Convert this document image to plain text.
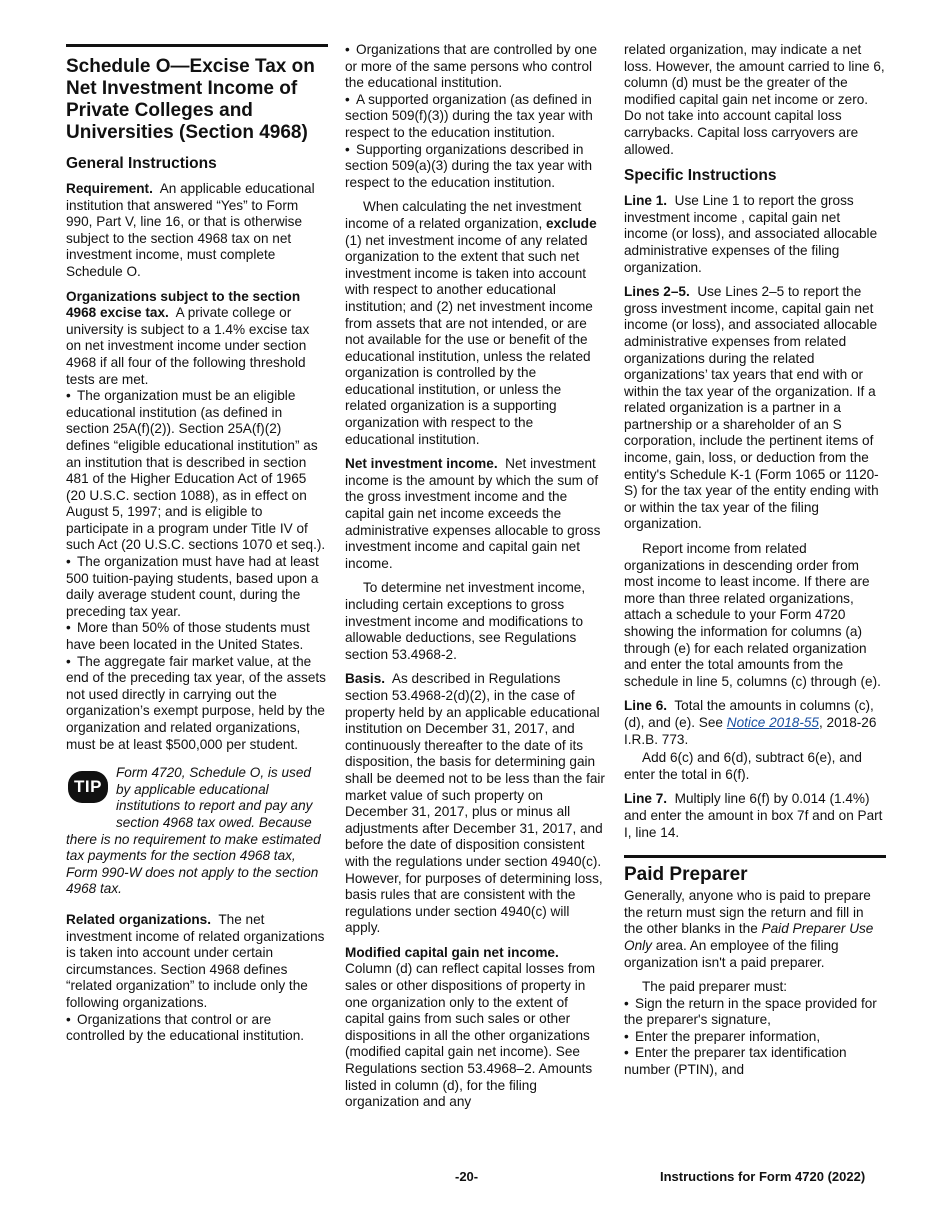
Schedule O—Excise Tax on Net Investment Income of Private Colleges and Universities (Section 4968)
General Instructions

Requirement. An applicable educational institution that answered “Yes” to Form 990, Part V, line 16, or that is otherwise subject to the section 4968 tax on net investment income, must complete Schedule O.

Organizations subject to the section 4968 excise tax. A private college or university is subject to a 1.4% excise tax on net investment income under section 4968 if all four of the following threshold tests are met.

• The organization must be an eligible educational institution (as defined in section 25A(f)(2)). Section 25A(f)(2) defines “eligible educational institution” as an institution that is described in section 481 of the Higher Education Act of 1965 (20 U.S.C. section 1088), as in effect on August 5, 1997; and is eligible to participate in a program under Title IV of such Act (20 U.S.C. sections 1070 et seq.).

• The organization must have had at least 500 tuition-paying students, based upon a daily average student count, during the preceding tax year.

• More than 50% of those students must have been located in the United States.

• The aggregate fair market value, at the end of the preceding tax year, of the assets not used directly in carrying out the organization’s exempt purpose, held by the organization and related organizations, must be at least $500,000 per student.

TIP
Form 4720, Schedule O, is used by applicable educational institutions to report and pay any section 4968 tax owed. Because there is no requirement to make estimated tax payments for the section 4968 tax, Form 990-W does not apply to the section 4968 tax.

Related organizations. The net investment income of related organizations is taken into account under certain circumstances. Section 4968 defines “related organization” to include only the following organizations.

• Organizations that control or are controlled by the educational institution.

• Organizations that are controlled by one or more of the same persons who control the educational institution.

• A supported organization (as defined in section 509(f)(3)) during the tax year with respect to the education institution.

• Supporting organizations described in section 509(a)(3) during the tax year with respect to the education institution.

When calculating the net investment income of a related organization, exclude (1) net investment income of any related organization to the extent that such net investment income is taken into account with respect to another educational institution; and (2) net investment income from assets that are not intended, or are not available for the use or benefit of the educational institution, unless the related organization is controlled by the educational institution, or unless the related organization is a supporting organization with respect to the educational institution.

Net investment income. Net investment income is the amount by which the sum of the gross investment income and the capital gain net income exceeds the administrative expenses allocable to gross investment income and capital gain net income.

To determine net investment income, including certain exceptions to gross investment income and modifications to allowable deductions, see Regulations section 53.4968-2.

Basis. As described in Regulations section 53.4968-2(d)(2), in the case of property held by an applicable educational institution on December 31, 2017, and continuously thereafter to the date of its disposition, the basis for determining gain shall be deemed not to be less than the fair market value of such property on December 31, 2017, plus or minus all adjustments after December 31, 2017, and before the date of disposition consistent with the regulations under section 4940(c). However, for purposes of determining loss, basis rules that are consistent with the regulations under section 4940(c) will apply.

Modified capital gain net income. Column (d) can reflect capital losses from sales or other dispositions of property in one organization only to the extent of capital gains from such sales or other dispositions in all the other organizations (modified capital gain net income). See Regulations section 53.4968–2. Amounts listed in column (d), for the filing organization and any

related organization, may indicate a net loss. However, the amount carried to line 6, column (d) must be the greater of the modified capital gain net income or zero. Do not take into account capital loss carrybacks. Capital loss carryovers are allowed.

Specific Instructions

Line 1. Use Line 1 to report the gross investment income , capital gain net income (or loss), and associated allocable administrative expenses of the filing organization.

Lines 2–5. Use Lines 2–5 to report the gross investment income, capital gain net income (or loss), and associated allocable administrative expenses from related organizations during the related organizations’ tax years that end with or within the tax year of the organization. If a related organization is a partner in a partnership or a shareholder of an S corporation, include the pertinent items of income, gain, loss, or deduction from the entity's Schedule K-1 (Form 1065 or 1120-S) for the tax year of the entity ending with or within the tax year of the filing organization.

Report income from related organizations in descending order from most income to least income. If there are more than three related organizations, attach a schedule to your Form 4720 showing the information for columns (a) through (e) for each related organization and enter the total amounts from the schedule in line 5, columns (c) through (e).

Line 6. Total the amounts in columns (c), (d), and (e). See Notice 2018-55, 2018-26 I.R.B. 773.

Add 6(c) and 6(d), subtract 6(e), and enter the total in 6(f).

Line 7. Multiply line 6(f) by 0.014 (1.4%) and enter the amount in box 7f and on Part I, line 14.

Paid Preparer

Generally, anyone who is paid to prepare the return must sign the return and fill in the other blanks in the Paid Preparer Use Only area. An employee of the filing organization isn't a paid preparer.

The paid preparer must:

• Sign the return in the space provided for the preparer's signature,

• Enter the preparer information,

• Enter the preparer tax identification number (PTIN), and

-20-	Instructions for Form 4720 (2022)
